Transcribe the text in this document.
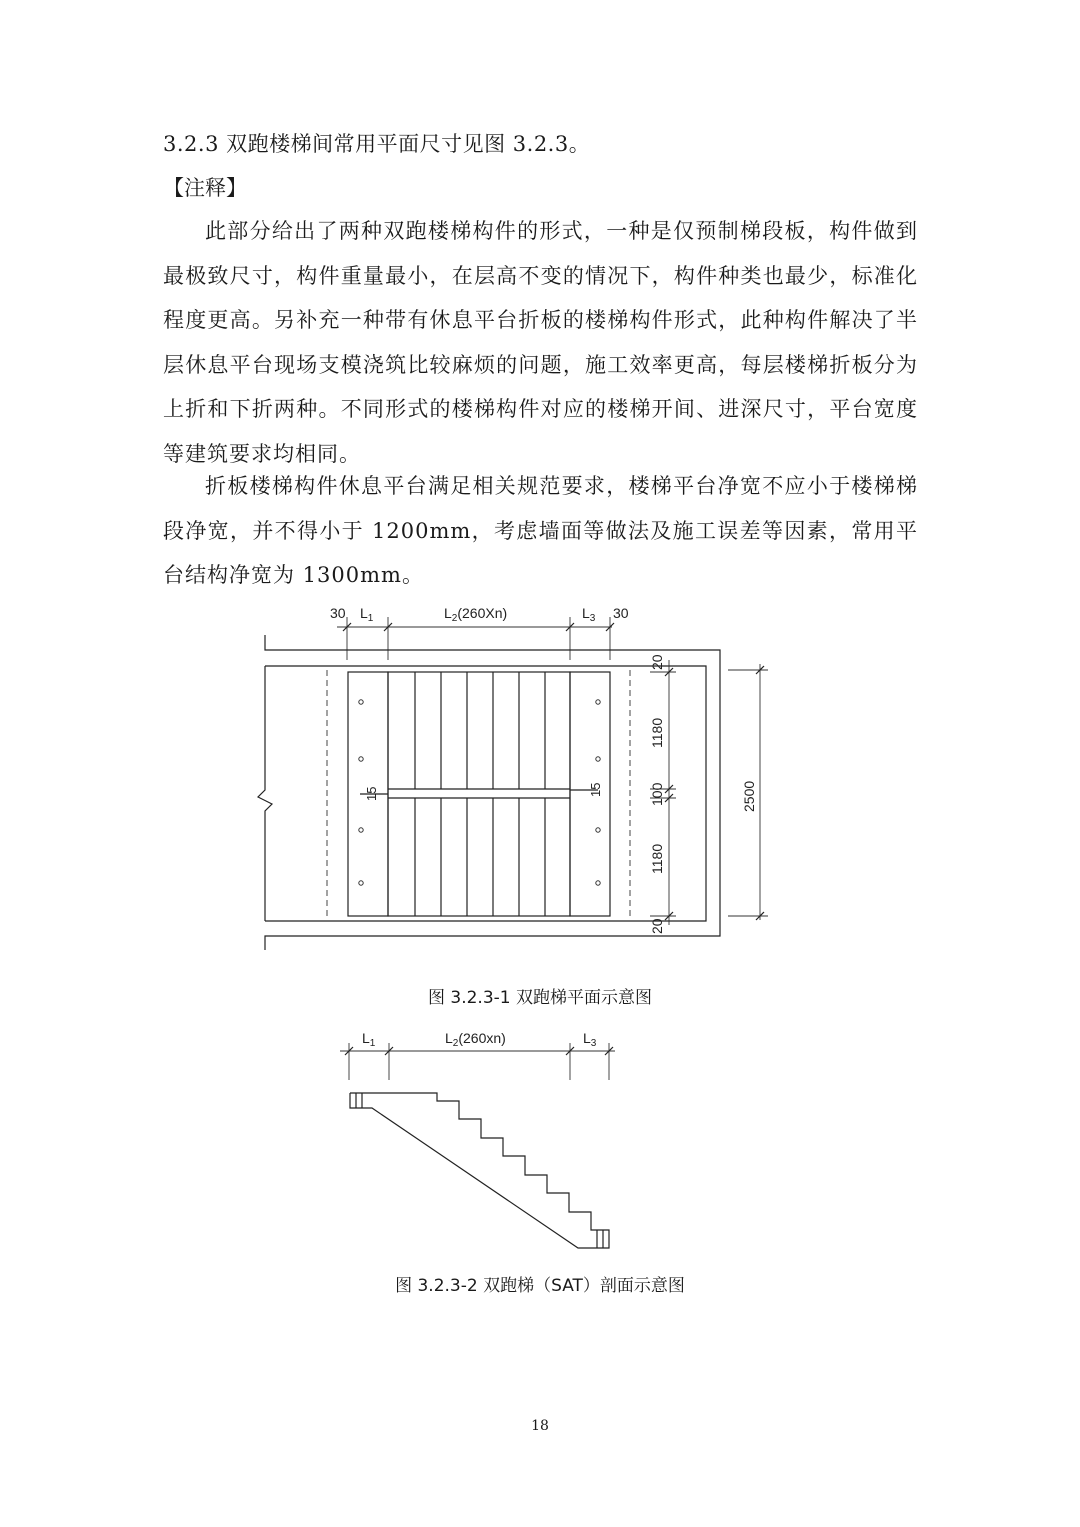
3.2.3 双跑楼梯间常用平面尺寸见图 3.2.3。
【注释】

此部分给出了两种双跑楼梯构件的形式，一种是仅预制梯段板，构件做到最极致尺寸，构件重量最小，在层高不变的情况下，构件种类也最少，标准化程度更高。另补充一种带有休息平台折板的楼梯构件形式，此种构件解决了半层休息平台现场支模浇筑比较麻烦的问题，施工效率更高，每层楼梯折板分为上折和下折两种。不同形式的楼梯构件对应的楼梯开间、进深尺寸，平台宽度等建筑要求均相同。

折板楼梯构件休息平台满足相关规范要求，楼梯平台净宽不应小于楼梯梯段净宽，并不得小于 1200mm，考虑墙面等做法及施工误差等因素，常用平台结构净宽为 1300mm。

30 $L_1$	$L_2(260Xn)$	$L_3$ 30
15	15
20
1180
100
1180
20
2500
$L_1$	$L_2(260xn)$	$L_3$
图 3.2.3-1 双跑梯平面示意图
图 3.2.3-2 双跑梯（SAT）剖面示意图
18
